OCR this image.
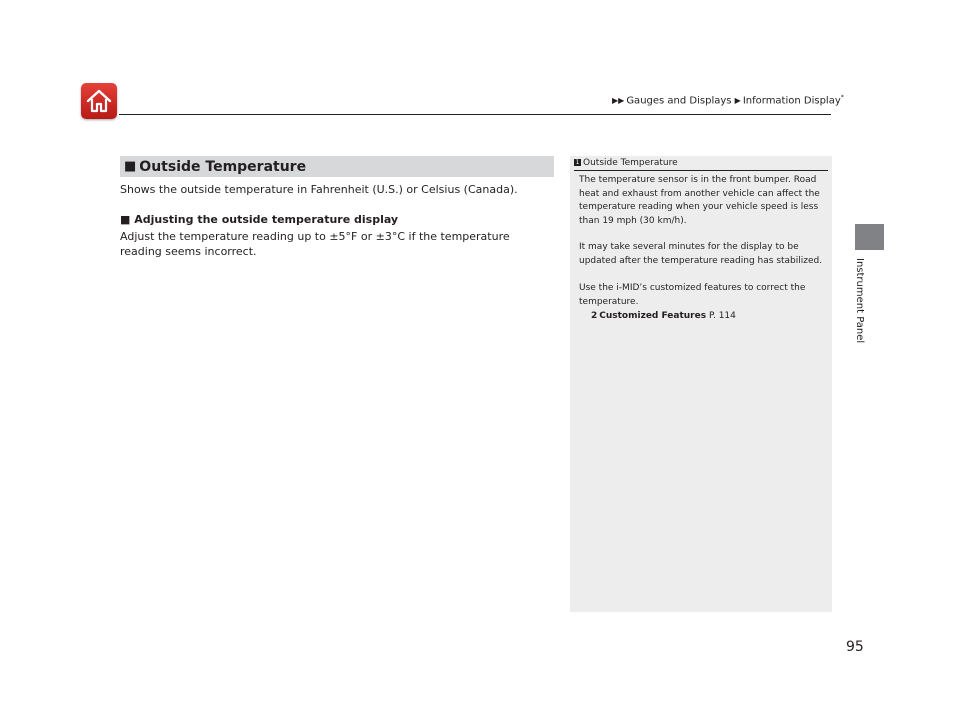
▶▶ Gauges and Displays ▶ Information Display*
Instrument Panel
■ Outside Temperature
Shows the outside temperature in Fahrenheit (U.S.) or Celsius (Canada).
■ Adjusting the outside temperature display
Adjust the temperature reading up to ±5°F or ±3°C if the temperature reading seems incorrect.
1 Outside Temperature
The temperature sensor is in the front bumper. Road heat and exhaust from another vehicle can affect the temperature reading when your vehicle speed is less than 19 mph (30 km/h).
It may take several minutes for the display to be updated after the temperature reading has stabilized.
Use the i-MID’s customized features to correct the temperature.
2 Customized Features P. 114
95
